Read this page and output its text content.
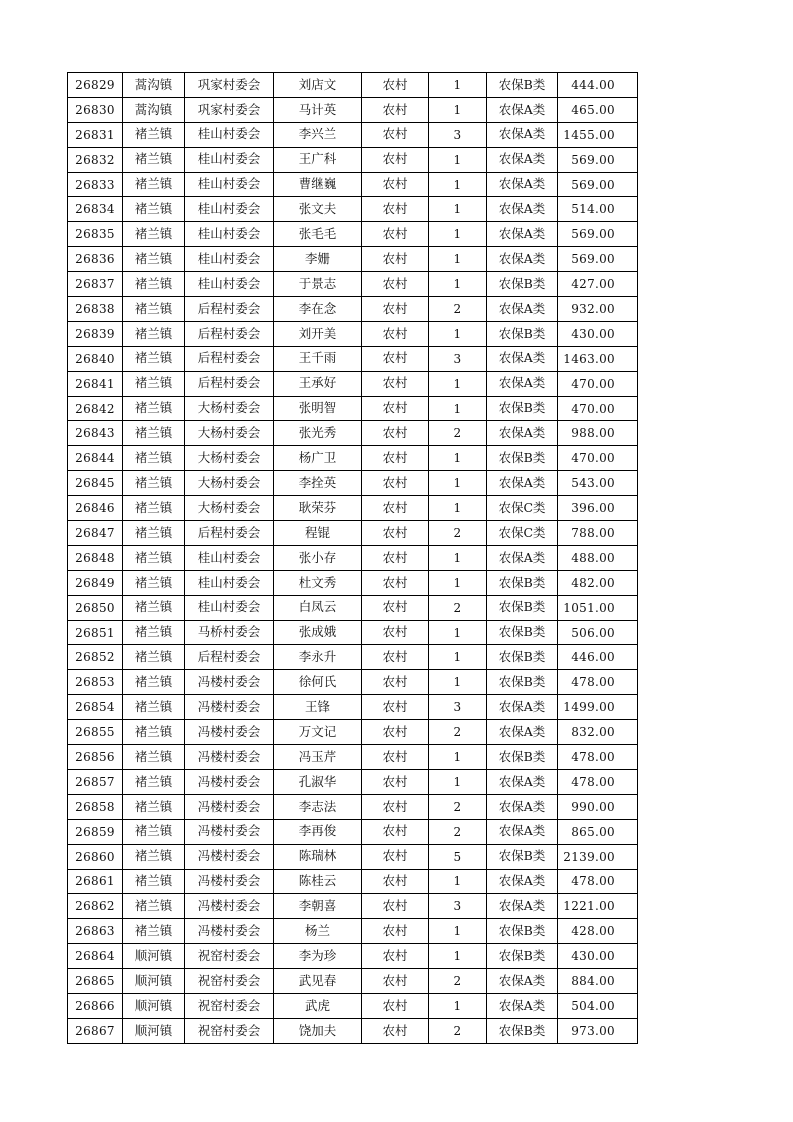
26829	蒿沟镇	巩家村委会	刘店文	农村	1	农保B类	444.00
26830	蒿沟镇	巩家村委会	马计英	农村	1	农保A类	465.00
26831	褚兰镇	桂山村委会	李兴兰	农村	3	农保A类	1455.00
26832	褚兰镇	桂山村委会	王广科	农村	1	农保A类	569.00
26833	褚兰镇	桂山村委会	曹继巍	农村	1	农保A类	569.00
26834	褚兰镇	桂山村委会	张文夫	农村	1	农保A类	514.00
26835	褚兰镇	桂山村委会	张毛毛	农村	1	农保A类	569.00
26836	褚兰镇	桂山村委会	李姗	农村	1	农保A类	569.00
26837	褚兰镇	桂山村委会	于景志	农村	1	农保B类	427.00
26838	褚兰镇	后程村委会	李在念	农村	2	农保A类	932.00
26839	褚兰镇	后程村委会	刘开美	农村	1	农保B类	430.00
26840	褚兰镇	后程村委会	王千雨	农村	3	农保A类	1463.00
26841	褚兰镇	后程村委会	王承好	农村	1	农保A类	470.00
26842	褚兰镇	大杨村委会	张明智	农村	1	农保B类	470.00
26843	褚兰镇	大杨村委会	张光秀	农村	2	农保A类	988.00
26844	褚兰镇	大杨村委会	杨广卫	农村	1	农保B类	470.00
26845	褚兰镇	大杨村委会	李拴英	农村	1	农保A类	543.00
26846	褚兰镇	大杨村委会	耿荣芬	农村	1	农保C类	396.00
26847	褚兰镇	后程村委会	程锟	农村	2	农保C类	788.00
26848	褚兰镇	桂山村委会	张小存	农村	1	农保A类	488.00
26849	褚兰镇	桂山村委会	杜文秀	农村	1	农保B类	482.00
26850	褚兰镇	桂山村委会	白凤云	农村	2	农保B类	1051.00
26851	褚兰镇	马桥村委会	张成娥	农村	1	农保B类	506.00
26852	褚兰镇	后程村委会	李永升	农村	1	农保B类	446.00
26853	褚兰镇	冯楼村委会	徐何氏	农村	1	农保B类	478.00
26854	褚兰镇	冯楼村委会	王锋	农村	3	农保A类	1499.00
26855	褚兰镇	冯楼村委会	万文记	农村	2	农保A类	832.00
26856	褚兰镇	冯楼村委会	冯玉芹	农村	1	农保B类	478.00
26857	褚兰镇	冯楼村委会	孔淑华	农村	1	农保A类	478.00
26858	褚兰镇	冯楼村委会	李志法	农村	2	农保A类	990.00
26859	褚兰镇	冯楼村委会	李再俊	农村	2	农保A类	865.00
26860	褚兰镇	冯楼村委会	陈瑞林	农村	5	农保B类	2139.00
26861	褚兰镇	冯楼村委会	陈桂云	农村	1	农保A类	478.00
26862	褚兰镇	冯楼村委会	李朝喜	农村	3	农保A类	1221.00
26863	褚兰镇	冯楼村委会	杨兰	农村	1	农保B类	428.00
26864	顺河镇	祝窑村委会	李为珍	农村	1	农保B类	430.00
26865	顺河镇	祝窑村委会	武见春	农村	2	农保A类	884.00
26866	顺河镇	祝窑村委会	武虎	农村	1	农保A类	504.00
26867	顺河镇	祝窑村委会	饶加夫	农村	2	农保B类	973.00
